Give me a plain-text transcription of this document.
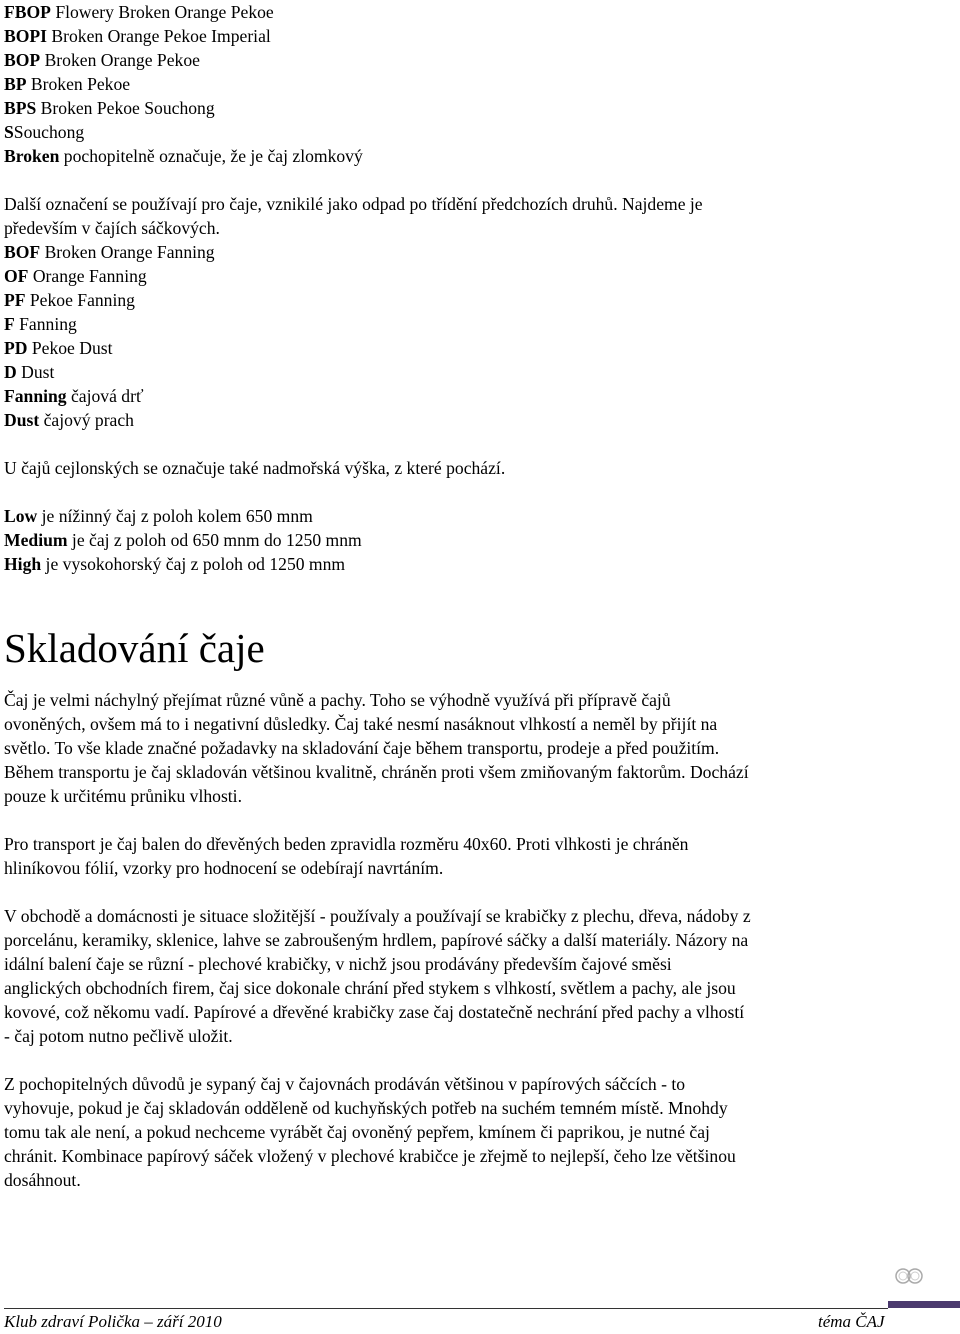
FBOP Flowery Broken Orange Pekoe
BOPI Broken Orange Pekoe Imperial
BOP Broken Orange Pekoe
BP Broken Pekoe
BPS Broken Pekoe Souchong
SSouchong
Broken pochopitelně označuje, že je čaj zlomkový
Další označení se používají pro čaje, vznikilé jako odpad po třídění předchozích druhů. Najdeme je
především v čajích sáčkových.
BOF Broken Orange Fanning
OF Orange Fanning
PF Pekoe Fanning
F Fanning
PD Pekoe Dust
D Dust
Fanning čajová drť
Dust čajový prach
U čajů cejlonských se označuje také nadmořská výška, z které pochází.
Low je nížinný čaj z poloh kolem 650 mnm
Medium je čaj z poloh od 650 mnm do 1250 mnm
High je vysokohorský čaj z poloh od 1250 mnm
Skladování čaje
Čaj je velmi náchylný přejímat různé vůně a pachy. Toho se výhodně využívá při přípravě čajů
ovoněných, ovšem má to i negativní důsledky. Čaj také nesmí nasáknout vlhkostí a neměl by přijít na
světlo. To vše klade značné požadavky na skladování čaje během transportu, prodeje a před použitím.
Během transportu je čaj skladován většinou kvalitně, chráněn proti všem zmiňovaným faktorům. Dochází
pouze k určitému průniku vlhosti.
Pro transport je čaj balen do dřevěných beden zpravidla rozměru 40x60. Proti vlhkosti je chráněn
hliníkovou fólií, vzorky pro hodnocení se odebírají navrtáním.
V obchodě a domácnosti je situace složitější - používaly a používají se krabičky z plechu, dřeva, nádoby z
porcelánu, keramiky, sklenice, lahve se zabroušeným hrdlem, papírové sáčky a další materiály. Názory na
idální balení čaje se různí - plechové krabičky, v nichž jsou prodávány především čajové směsi
anglických obchodních firem, čaj sice dokonale chrání před stykem s vlhkostí, světlem a pachy, ale jsou
kovové, což někomu vadí. Papírové a dřevěné krabičky zase čaj dostatečně nechrání před pachy a vlhostí
- čaj potom nutno pečlivě uložit.
Z pochopitelných důvodů je sypaný čaj v čajovnách prodáván většinou v papírových sáčcích - to
vyhovuje, pokud je čaj skladován odděleně od kuchyňských potřeb na suchém temném místě. Mnohdy
tomu tak ale není, a pokud nechceme vyrábět čaj ovoněný pepřem, kmínem či paprikou, je nutné čaj
chránit. Kombinace papírový sáček vložený v plechové krabičce je zřejmě to nejlepší, čeho lze většinou
dosáhnout.
Klub zdraví Polička – září 2010	téma ČAJ
